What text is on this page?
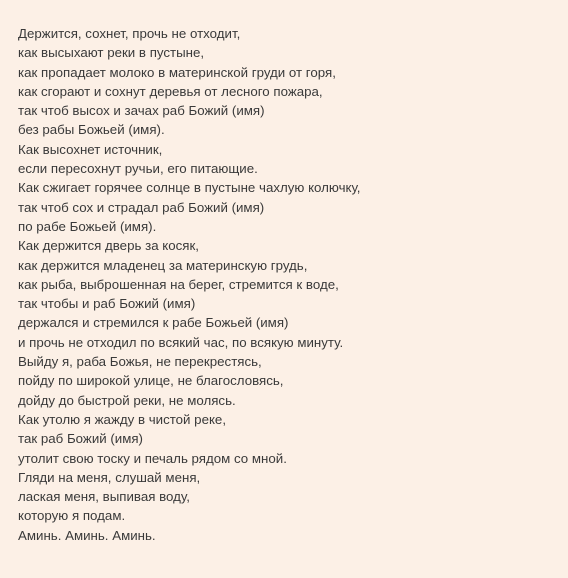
Держится, сохнет, прочь не отходит,
как высыхают реки в пустыне,
как пропадает молоко в материнской груди от горя,
как сгорают и сохнут деревья от лесного пожара,
так чтоб высох и зачах раб Божий (имя)
без рабы Божьей (имя).
Как высохнет источник,
если пересохнут ручьи, его питающие.
Как сжигает горячее солнце в пустыне чахлую колючку,
так чтоб сох и страдал раб Божий (имя)
по рабе Божьей (имя).
Как держится дверь за косяк,
как держится младенец за материнскую грудь,
как рыба, выброшенная на берег, стремится к воде,
так чтобы и раб Божий (имя)
держался и стремился к рабе Божьей (имя)
и прочь не отходил по всякий час, по всякую минуту.
Выйду я, раба Божья, не перекрестясь,
пойду по широкой улице, не благословясь,
дойду до быстрой реки, не молясь.
Как утолю я жажду в чистой реке,
так раб Божий (имя)
утолит свою тоску и печаль рядом со мной.
Гляди на меня, слушай меня,
лаская меня, выпивая воду,
которую я подам.
Аминь. Аминь. Аминь.
